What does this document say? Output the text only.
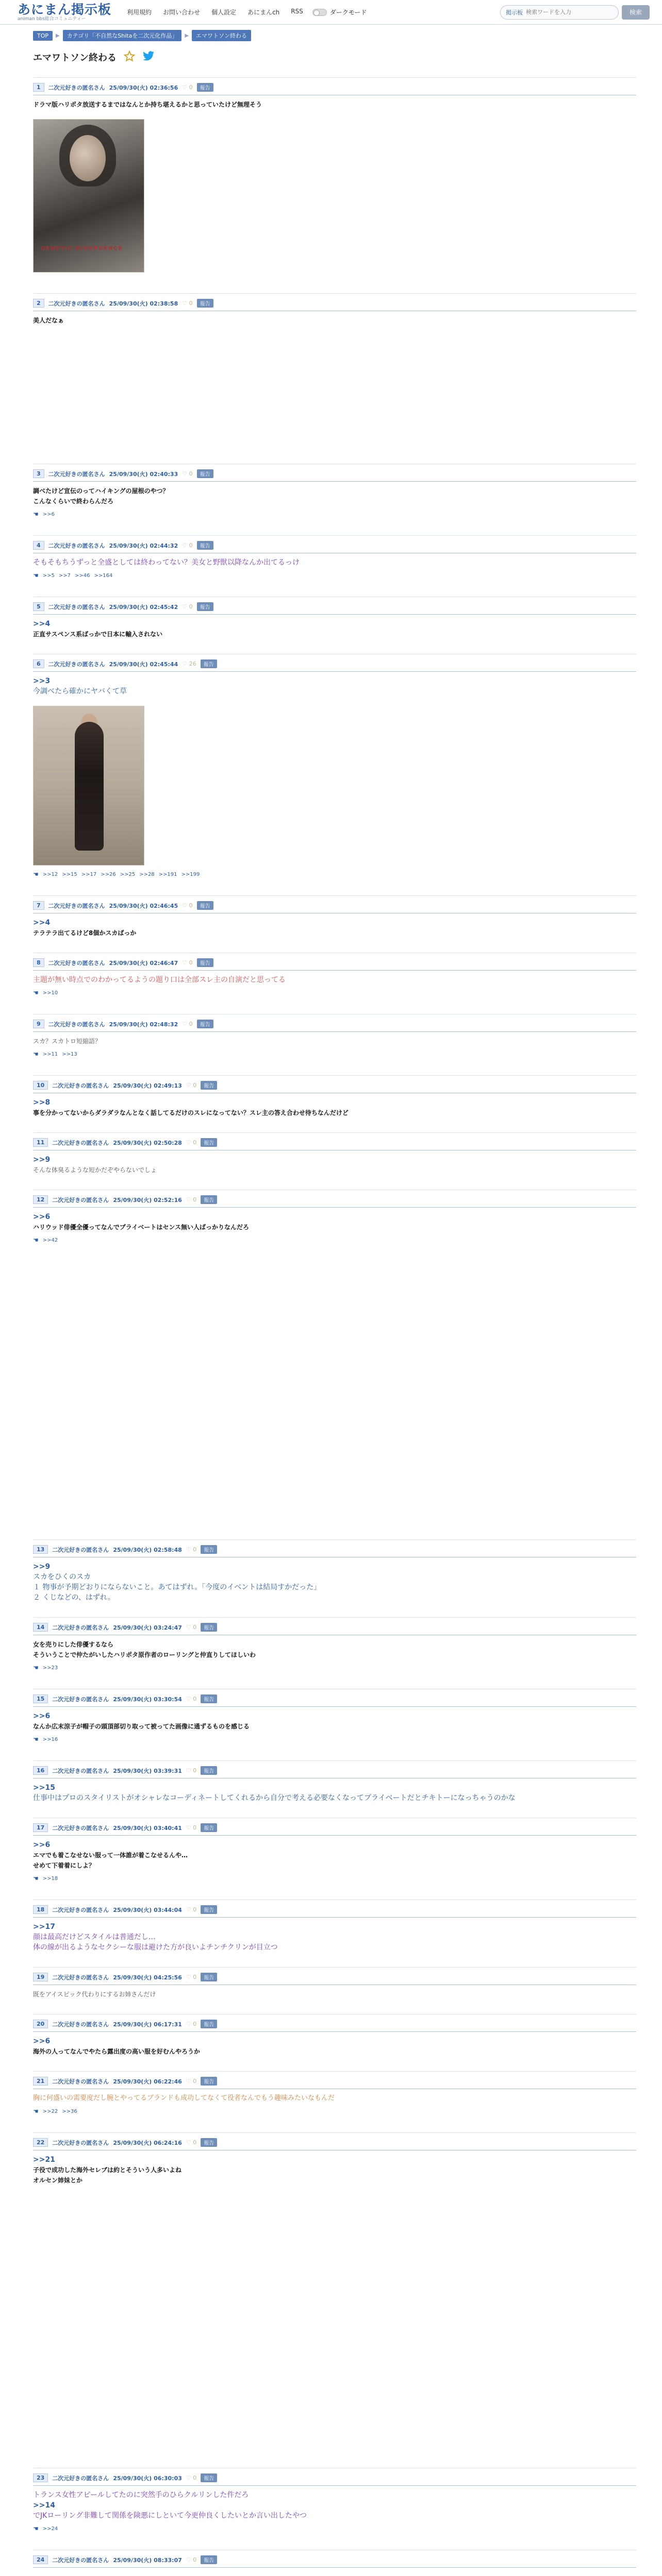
あにまん掲示板
animan bbs総合コミュニティー
利用規約 お問い合わせ 個人設定 あにまんch RSS	ダークモード	掲示板
検索ワードを入力	検索
TOP	▶	カテゴリ「不自然なShitaを二次元化作品」	▶	エマワトソン終わる
エマワトソン終わる
1	二次元好きの匿名さん 25/09/30(火) 02:36:56 ♡ 0	報告
ドラマ版ハリポタ放送するまではなんとか持ち堪えるかと思っていたけど無理そう
GENETIC DIVERGENCE
2	二次元好きの匿名さん 25/09/30(火) 02:38:58 ♡ 0	報告
美人だなぁ
3	二次元好きの匿名さん 25/09/30(火) 02:40:33 ♡ 0	報告
調べたけど宣伝のってハイキングの屋根のやつ？
こんなくらいで終わらんだろ
☚ >>6
4	二次元好きの匿名さん 25/09/30(火) 02:44:32 ♡ 0	報告
そもそもちうずっと全盛としては終わってない？美女と野獣以降なんか出てるっけ
☚ >>5 >>7 >>46 >>164
5	二次元好きの匿名さん 25/09/30(火) 02:45:42 ♡ 0	報告
>>4
正直サスペンス系ばっかで日本に輸入されない
6	二次元好きの匿名さん 25/09/30(火) 02:45:44 ♡ 26	報告
>>3
今調べたら確かにヤバくて草
☚ >>12 >>15 >>17 >>26 >>25 >>28 >>191 >>199
7	二次元好きの匿名さん 25/09/30(火) 02:46:45 ♡ 0	報告
>>4
テラテラ出てるけど8個かスカばっか
8	二次元好きの匿名さん 25/09/30(火) 02:46:47 ♡ 0	報告
主題が無い時点でのわかってるようの題り口は全部スレ主の自演だと思ってる
☚ >>10
9	二次元好きの匿名さん 25/09/30(火) 02:48:32 ♡ 0	報告
スカ？スカトロ短縮語？
☚ >>11 >>13
10	二次元好きの匿名さん 25/09/30(火) 02:49:13 ♡ 0	報告
>>8
事を分かってないからダラダラなんとなく話してるだけのスレになってない？スレ主の答え合わせ待ちなんだけど
11	二次元好きの匿名さん 25/09/30(火) 02:50:28 ♡ 0	報告
>>9
そんな体臭るような短かだぞやらないでしょ
12	二次元好きの匿名さん 25/09/30(火) 02:52:16 ♡ 0	報告
>>6
ハリウッド俳優全優ってなんでプライベートはセンス無い人ばっかりなんだろ
☚ >>42
13	二次元好きの匿名さん 25/09/30(火) 02:58:48 ♡ 0	報告
>>9
スカをひくのスカ
１ 物事が予期どおりにならないこと。あてはずれ。「今度のイベントは結局すかだった」
２ くじなどの、はずれ。
14	二次元好きの匿名さん 25/09/30(火) 03:24:47 ♡ 0	報告
女を売りにした俳優するなら
そういうことで仲たがいしたハリポタ原作者のローリングと仲直りしてほしいわ
☚ >>23
15	二次元好きの匿名さん 25/09/30(火) 03:30:54 ♡ 0	報告
>>6
なんか広末涼子が帽子の頭頂部切り取って被ってた画像に通ずるものを感じる
☚ >>16
16	二次元好きの匿名さん 25/09/30(火) 03:39:31 ♡ 0	報告
>>15
仕事中はプロのスタイリストがオシャレなコーディネートしてくれるから自分で考える必要なくなってプライベートだとチキトーになっちゃうのかな
17	二次元好きの匿名さん 25/09/30(火) 03:40:41 ♡ 0	報告
>>6
エマでも着こなせない服って一体誰が着こなせるんや…
せめて下着着にしよ？
☚ >>18
18	二次元好きの匿名さん 25/09/30(火) 03:44:04 ♡ 0	報告
>>17
顔は最高だけどスタイルは普通だし…
体の線が出るようなセクシーな服は避けた方が良いよチンチクリンが目立つ
19	二次元好きの匿名さん 25/09/30(火) 04:25:56 ♡ 0	報告
既をアイスピック代わりにするお姉さんだけ
20	二次元好きの匿名さん 25/09/30(火) 06:17:31 ♡ 0	報告
>>6
海外の人ってなんでやたら露出度の高い服を好むんやろうか
21	二次元好きの匿名さん 25/09/30(火) 06:22:46 ♡ 0	報告
胸に何盛いの需要度だし腕とやってるブランドも成功してなくて役者なんでもう趣味みたいなもんだ
☚ >>22 >>36
22	二次元好きの匿名さん 25/09/30(火) 06:24:16 ♡ 0	報告
>>21
子役で成功した海外セレブは約とそういう人多いよね
オルセン姉妹とか
23	二次元好きの匿名さん 25/09/30(火) 06:30:03 ♡ 0	報告
トランス女性アピールしてたのに突然手のひらクルリンした件だろ
>>14
でJKローリング非難して関係を険悪にしといて今更仲良くしたいとか言い出したやつ
☚ >>24
24	二次元好きの匿名さん 25/09/30(火) 08:33:07 ♡ 0	報告
